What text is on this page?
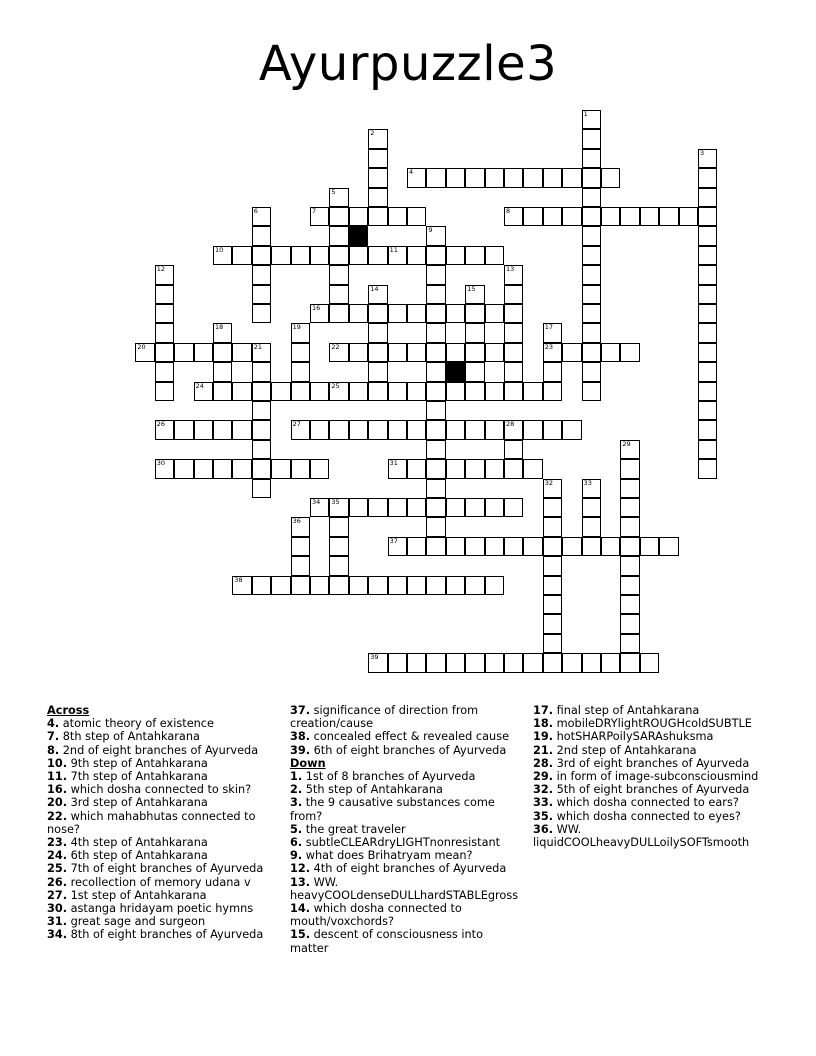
Ayurpuzzle3
4
7	8
10	11
16
20	21	22	23
24	25
26	27	28
30	31
34 35
37
38
39
1
2
3
5
6
9
12	13
14	15
17
18	19
29
32	33
36
Across
4. atomic theory of existence
7. 8th step of Antahkarana
8. 2nd of eight branches of Ayurveda
10. 9th step of Antahkarana
11. 7th step of Antahkarana
16. which dosha connected to skin?
20. 3rd step of Antahkarana
22. which mahabhutas connected to nose?
23. 4th step of Antahkarana
24. 6th step of Antahkarana
25. 7th of eight branches of Ayurveda
26. recollection of memory udana v
27. 1st step of Antahkarana
30. astanga hridayam poetic hymns
31. great sage and surgeon
34. 8th of eight branches of Ayurveda
37. significance of direction from creation/cause
38. concealed effect & revealed cause
39. 6th of eight branches of Ayurveda
Down
1. 1st of 8 branches of Ayurveda
2. 5th step of Antahkarana
3. the 9 causative substances come from?
5. the great traveler
6. subtleCLEARdryLIGHTnonresistant
9. what does Brihatryam mean?
12. 4th of eight branches of Ayurveda
13. WW. heavyCOOLdenseDULLhardSTABLEgross
14. which dosha connected to mouth/voxchords?
15. descent of consciousness into matter
17. final step of Antahkarana
18. mobileDRYlightROUGHcoldSUBTLE
19. hotSHARPoilySARAshuksma
21. 2nd step of Antahkarana
28. 3rd of eight branches of Ayurveda
29. in form of image-subconsciousmind
32. 5th of eight branches of Ayurveda
33. which dosha connected to ears?
35. which dosha connected to eyes?
36. WW. liquidCOOLheavyDULLoilySOFTsmooth
